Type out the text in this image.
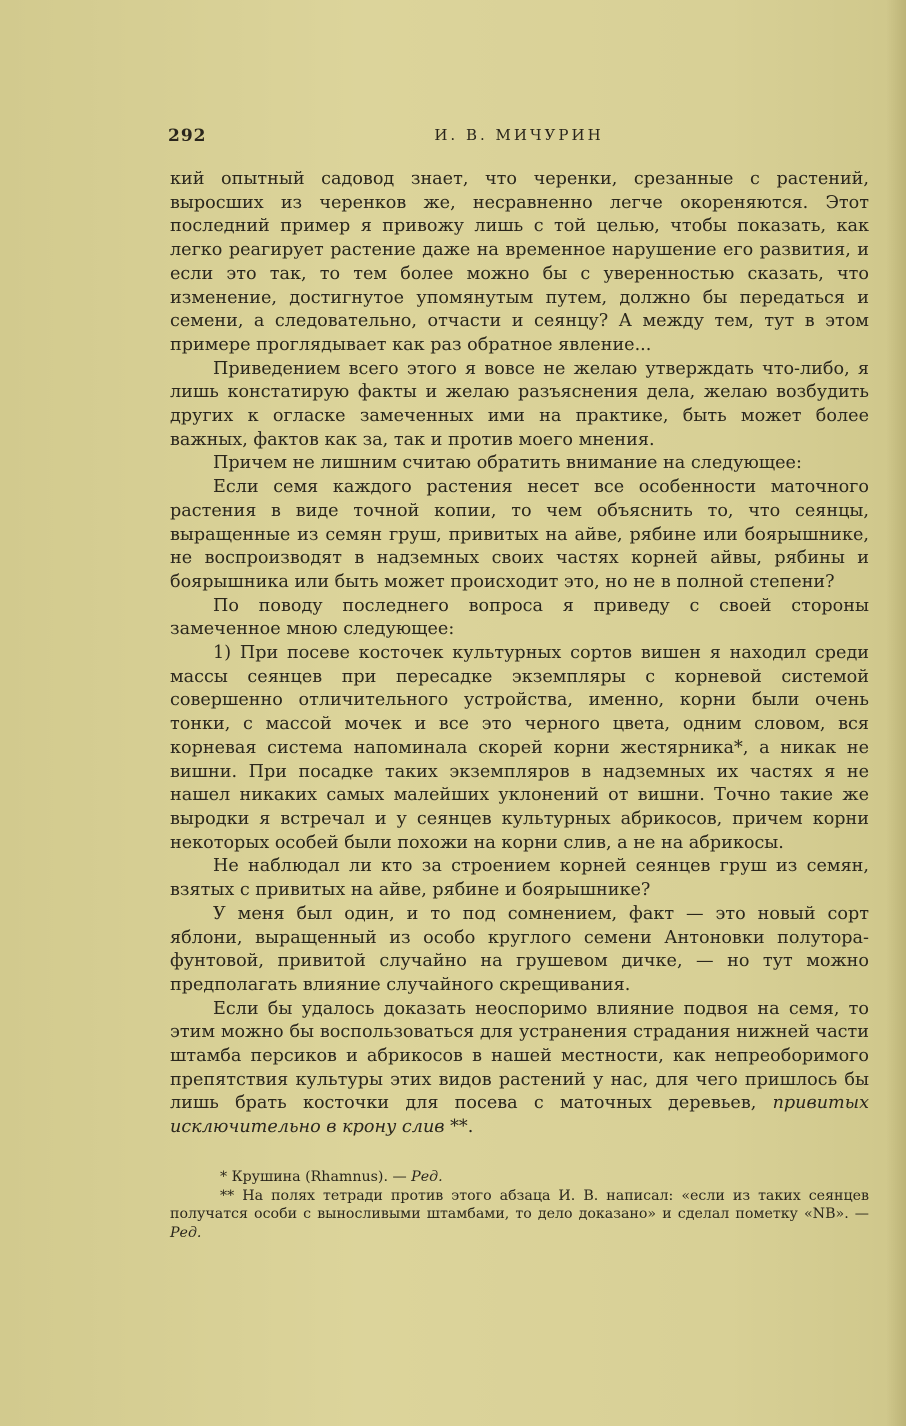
292	И. В. МИЧУРИН

кий опытный садовод знает, что черенки, срезанные с растений, выросших из черенков же, несравненно легче окореняются. Этот последний пример я привожу лишь с той целью, чтобы показать, как легко реагирует растение даже на временное нарушение его развития, и если это так, то тем более можно бы с уверенностью сказать, что изменение, достигнутое упомянутым путем, должно бы передаться и семени, а следовательно, отчасти и сеянцу? А между тем, тут в этом примере проглядывает как раз обратное явление...

Приведением всего этого я вовсе не желаю утверждать что-либо, я лишь констатирую факты и желаю разъяснения дела, желаю возбудить других к огласке замеченных ими на практике, быть может более важных, фактов как за, так и против моего мнения.

Причем не лишним считаю обратить внимание на следующее:

Если семя каждого растения несет все особенности маточного растения в виде точной копии, то чем объяснить то, что сеянцы, выращенные из семян груш, привитых на айве, рябине или боярышнике, не воспроизводят в надземных своих частях корней айвы, рябины и боярышника или быть может происходит это, но не в полной степени?

По поводу последнего вопроса я приведу с своей стороны замеченное мною следующее:

1) При посеве косточек культурных сортов вишен я находил среди массы сеянцев при пересадке экземпляры с корневой системой совершенно отличительного устройства, именно, корни были очень тонки, с массой мочек и все это черного цвета, одним словом, вся корневая система напоминала скорей корни жестярника*, а никак не вишни. При посадке таких экземпляров в надземных их частях я не нашел никаких самых малейших уклонений от вишни. Точно такие же выродки я встречал и у сеянцев культурных абрикосов, причем корни некоторых особей были похожи на корни слив, а не на абрикосы.

Не наблюдал ли кто за строением корней сеянцев груш из семян, взятых с привитых на айве, рябине и боярышнике?

У меня был один, и то под сомнением, факт — это новый сорт яблони, выращенный из особо круглого семени Антоновки полутора-фунтовой, привитой случайно на грушевом дичке, — но тут можно предполагать влияние случайного скрещивания.

Если бы удалось доказать неоспоримо влияние подвоя на семя, то этим можно бы воспользоваться для устранения страдания нижней части штамба персиков и абрикосов в нашей местности, как непреоборимого препятствия культуры этих видов растений у нас, для чего пришлось бы лишь брать косточки для посева с маточных деревьев, привитых исключительно в крону слив **.

* Крушина (Rhamnus). — Ред.

** На полях тетради против этого абзаца И. В. написал: «если из таких сеянцев получатся особи с выносливыми штамбами, то дело доказано» и сделал пометку «NB». — Ред.
